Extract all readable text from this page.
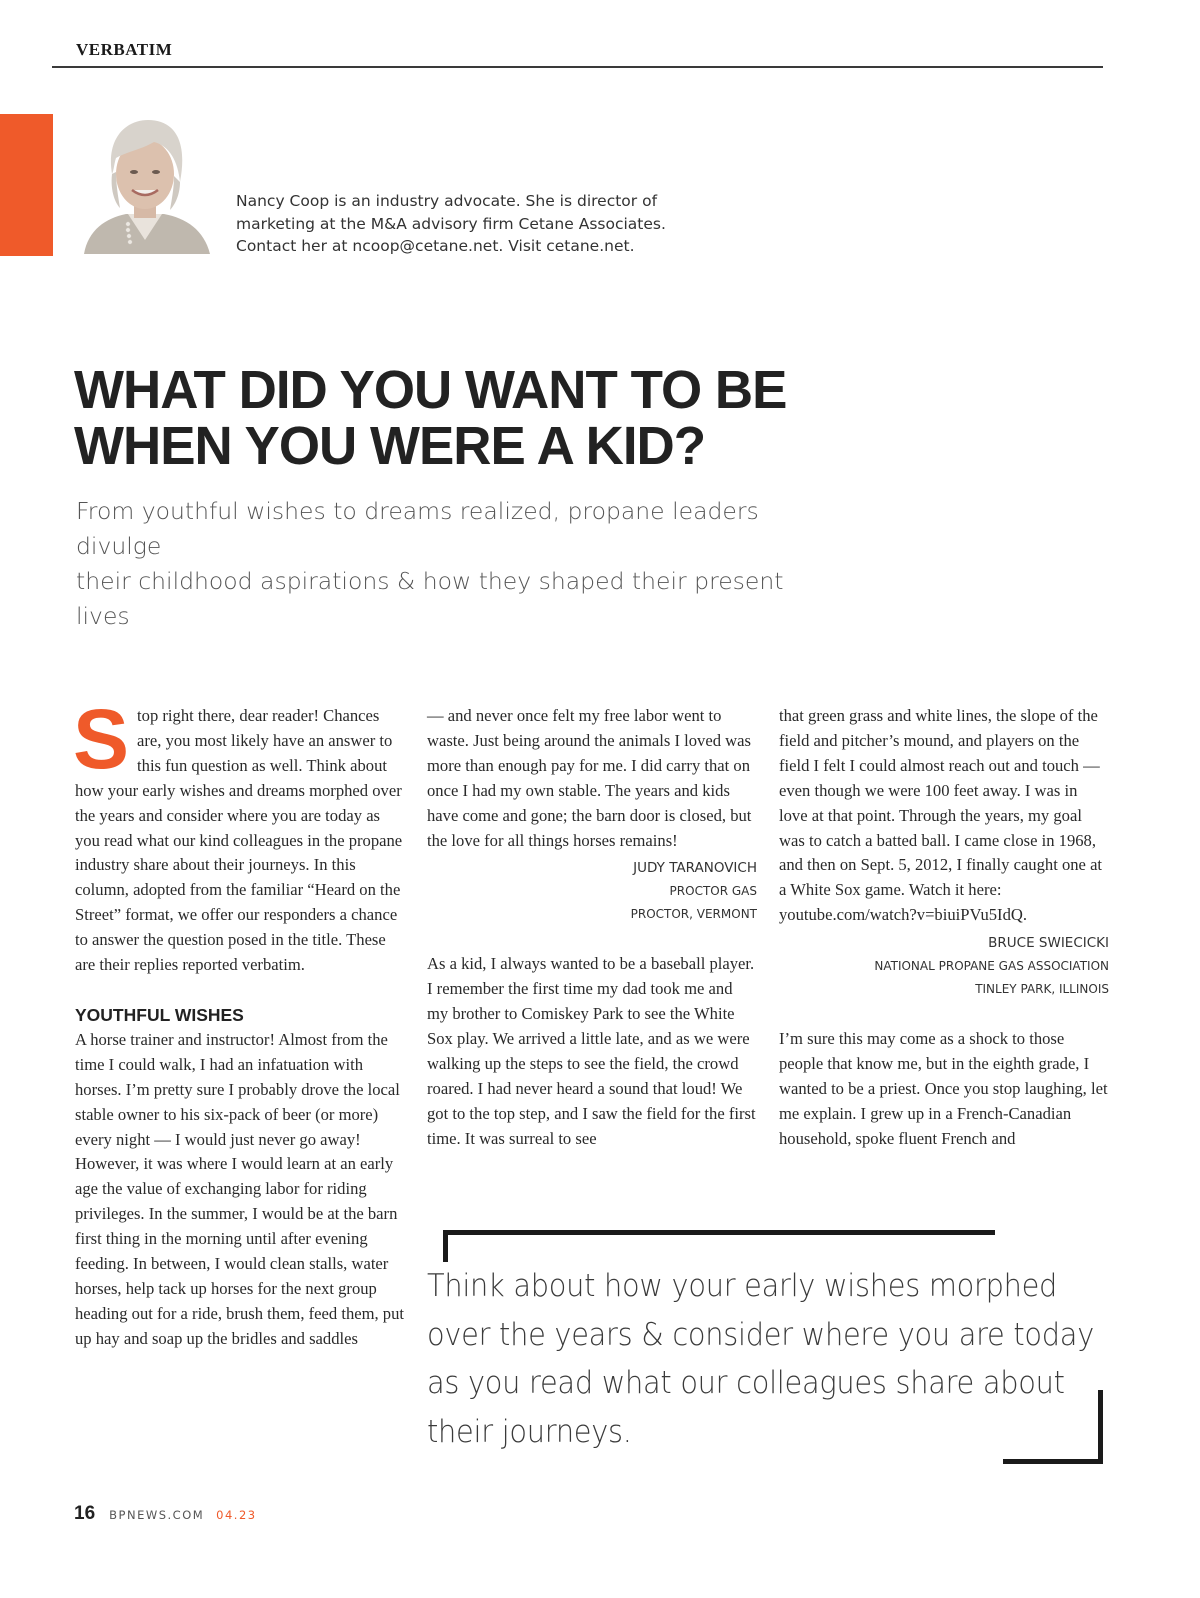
VERBATIM

Nancy Coop is an industry advocate. She is director of

marketing at the M&A advisory firm Cetane Associates.

Contact her at ncoop@cetane.net. Visit cetane.net.

WHAT DID YOU WANT TO BE
WHEN YOU WERE A KID?
From youthful wishes to dreams realized, propane leaders divulge
their childhood aspirations & how they shaped their present lives

Stop right there, dear reader! Chances are, you most likely have an answer to this fun question as well. Think about how your early wishes and dreams morphed over the years and consider where you are today as you read what our kind colleagues in the propane industry share about their journeys. In this column, adopted from the familiar “Heard on the Street” format, we offer our responders a chance to answer the question posed in the title. These are their replies reported verbatim.

YOUTHFUL WISHES

A horse trainer and instructor! Almost from the time I could walk, I had an infatuation with horses. I’m pretty sure I probably drove the local stable owner to his six-pack of beer (or more) every night — I would just never go away! However, it was where I would learn at an early age the value of exchanging labor for riding privileges. In the summer, I would be at the barn first thing in the morning until after evening feeding. In between, I would clean stalls, water horses, help tack up horses for the next group heading out for a ride, brush them, feed them, put up hay and soap up the bridles and saddles

— and never once felt my free labor went to waste. Just being around the animals I loved was more than enough pay for me. I did carry that on once I had my own stable. The years and kids have come and gone; the barn door is closed, but the love for all things horses remains!

JUDY TARANOVICH
PROCTOR GAS
PROCTOR, VERMONT

As a kid, I always wanted to be a baseball player. I remember the first time my dad took me and my brother to Comiskey Park to see the White Sox play. We arrived a little late, and as we were walking up the steps to see the field, the crowd roared. I had never heard a sound that loud! We got to the top step, and I saw the field for the first time. It was surreal to see

that green grass and white lines, the slope of the field and pitcher’s mound, and players on the field I felt I could almost reach out and touch — even though we were 100 feet away. I was in love at that point. Through the years, my goal was to catch a batted ball. I came close in 1968, and then on Sept. 5, 2012, I finally caught one at a White Sox game. Watch it here: youtube.com/watch?v=biuiPVu5IdQ.

BRUCE SWIECICKI
NATIONAL PROPANE GAS ASSOCIATION
TINLEY PARK, ILLINOIS

I’m sure this may come as a shock to those people that know me, but in the eighth grade, I wanted to be a priest. Once you stop laughing, let me explain. I grew up in a French-Canadian household, spoke fluent French and

Think about how your early wishes morphed
over the years & consider where you are today
as you read what our colleagues share about
their journeys.
16 BPNEWS.COM 04.23
